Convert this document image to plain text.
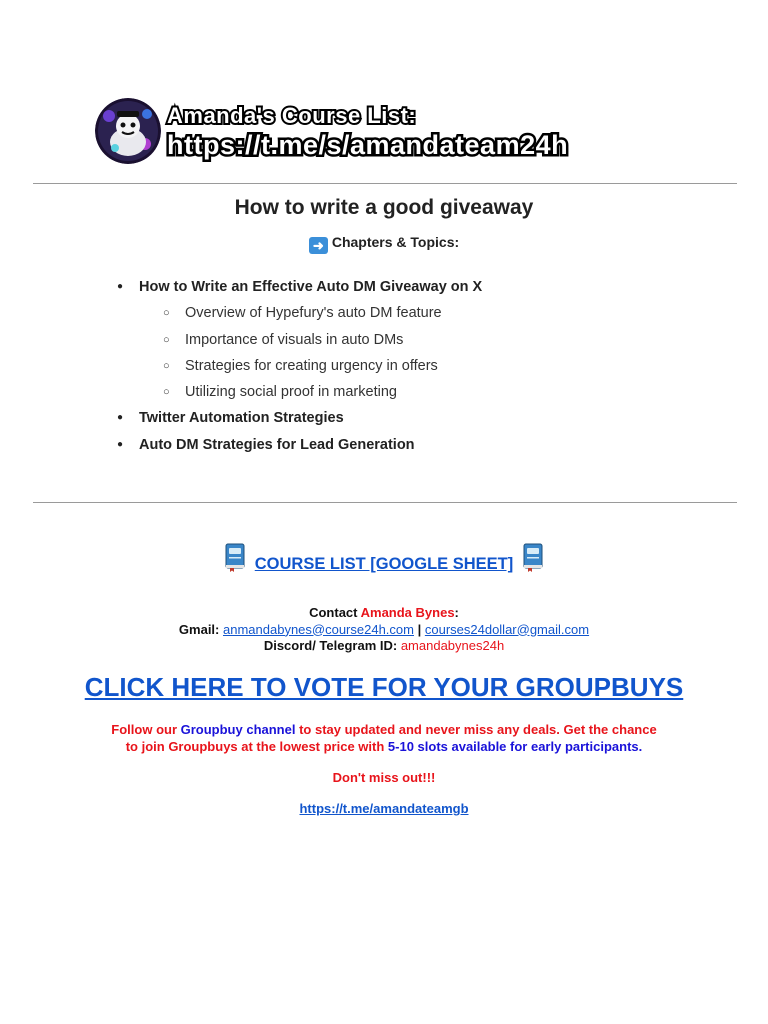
Amanda's Course List:
https://t.me/s/amandateam24h
How to write a good giveaway
➜ Chapters & Topics:
● How to Write an Effective Auto DM Giveaway on X
○ Overview of Hypefury's auto DM feature
○ Importance of visuals in auto DMs
○ Strategies for creating urgency in offers
○ Utilizing social proof in marketing
● Twitter Automation Strategies
● Auto DM Strategies for Lead Generation
COURSE LIST [GOOGLE SHEET]
Contact Amanda Bynes:
Gmail: anmandabynes@course24h.com | courses24dollar@gmail.com
Discord/ Telegram ID: amandabynes24h
CLICK HERE TO VOTE FOR YOUR GROUPBUYS
Follow our Groupbuy channel to stay updated and never miss any deals. Get the chance
to join Groupbuys at the lowest price with 5-10 slots available for early participants.
Don't miss out!!!
https://t.me/amandateamgb
